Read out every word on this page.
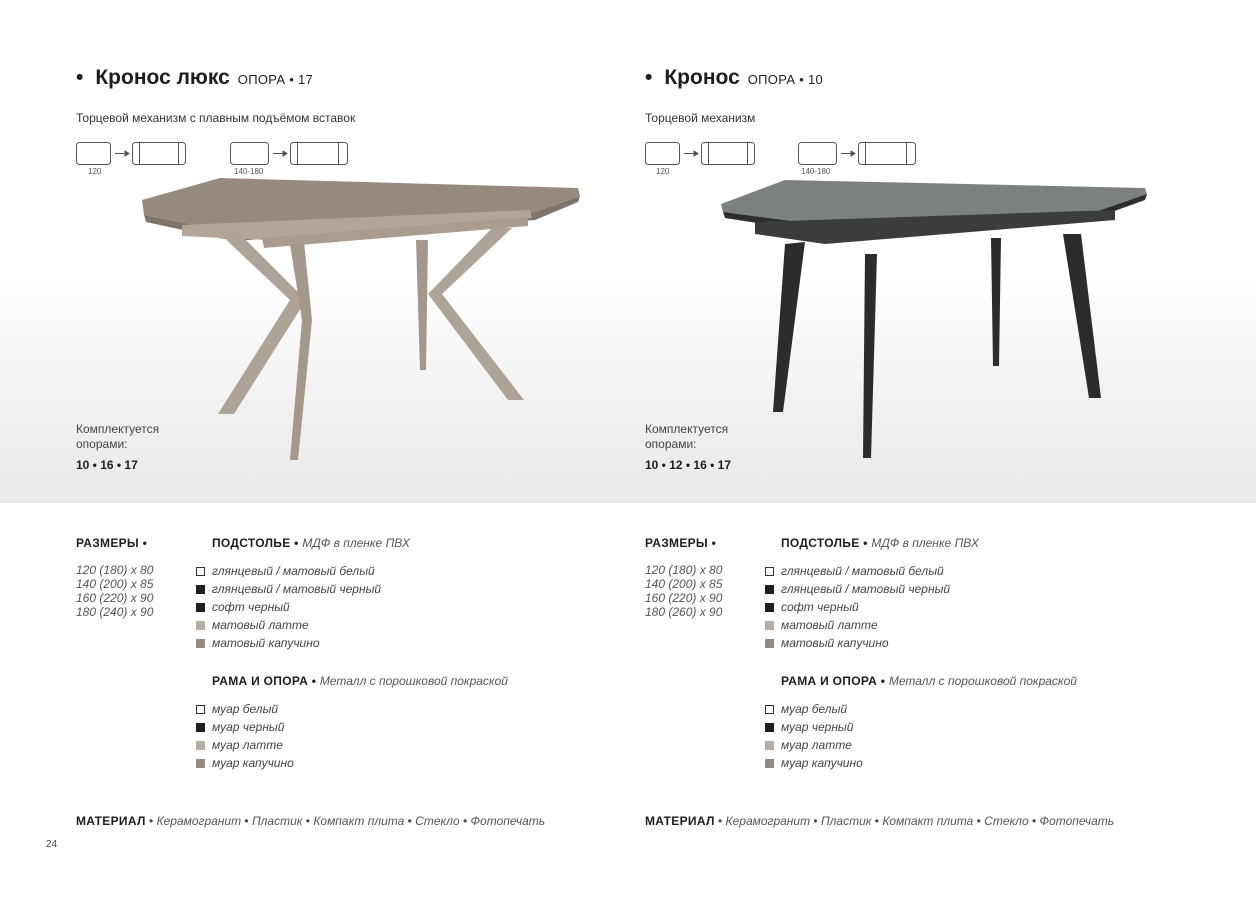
• Кронос люкс ОПОРА • 17
Торцевой механизм с плавным подъёмом вставок
120	140-180
Комплектуется
опорами:
10 • 16 • 17
РАЗМЕРЫ •
120 (180) х 80
140 (200) х 85
160 (220) х 90
180 (240) х 90
ПОДСТОЛЬЕ • МДФ в пленке ПВХ
глянцевый / матовый белый
глянцевый / матовый черный
софт черный
матовый латте
матовый капучино
РАМА И ОПОРА • Металл с порошковой покраской
муар белый
муар черный
муар латте
муар капучино
МАТЕРИАЛ • Керамогранит • Пластик • Компакт плита • Стекло • Фотопечать
• Кронос ОПОРА • 10
Торцевой механизм
120	140-180
Комплектуется
опорами:
10 • 12 • 16 • 17
РАЗМЕРЫ •
120 (180) х 80
140 (200) х 85
160 (220) х 90
180 (260) х 90
ПОДСТОЛЬЕ • МДФ в пленке ПВХ
глянцевый / матовый белый
глянцевый / матовый черный
софт черный
матовый латте
матовый капучино
РАМА И ОПОРА • Металл с порошковой покраской
муар белый
муар черный
муар латте
муар капучино
МАТЕРИАЛ • Керамогранит • Пластик • Компакт плита • Стекло • Фотопечать
24
